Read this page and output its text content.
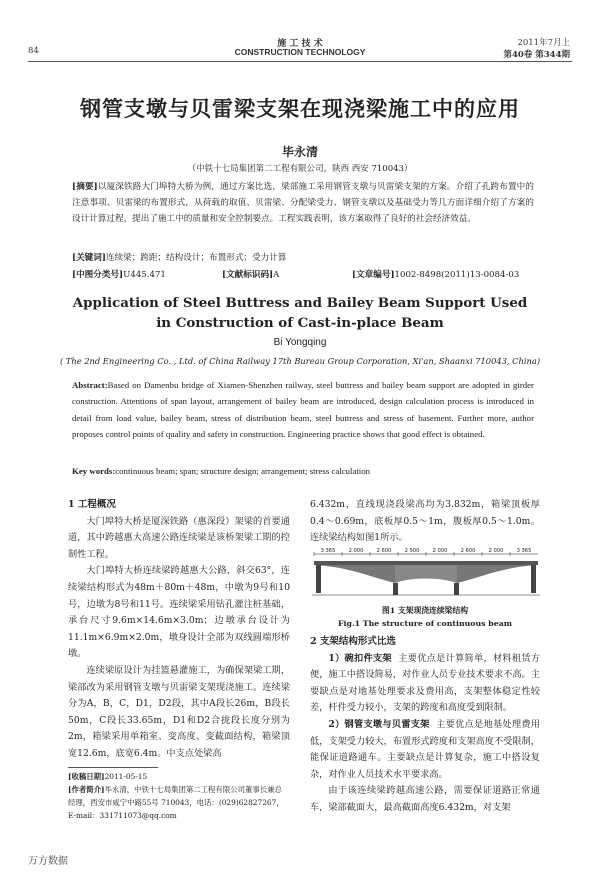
84
施 工 技 术
CONSTRUCTION TECHNOLOGY
2011年7月上
第40卷 第344期
钢管支墩与贝雷梁支架在现浇梁施工中的应用
毕永清
（中铁十七局集团第二工程有限公司，陕西 西安 710043）
[摘要]以厦深铁路大门埠特大桥为例，通过方案比选，梁部施工采用钢管支墩与贝雷梁支架的方案。介绍了孔跨布置中的注意事项、贝雷梁的布置形式，从荷载的取值、贝雷梁、分配梁受力、钢管支墩以及基础受力等几方面详细介绍了方案的设计计算过程，提出了施工中的质量和安全控制要点。工程实践表明，该方案取得了良好的社会经济效益。
[关键词]连续梁；跨距；结构设计；布置形式；受力计算
[中图分类号]U445.471	[文献标识码]A	[文章编号]1002-8498(2011)13-0084-03
Application of Steel Buttress and Bailey Beam Support Used
in Construction of Cast-in-place Beam
Bi Yongqing
( The 2nd Engineering Co. , Ltd. of China Railway 17th Bureau Group Corporation, Xi'an, Shaanxi 710043, China)
Abstract:Based on Damenbu bridge of Xiamen-Shenzhen railway, steel buttress and bailey beam support are adopted in girder construction. Attentions of span layout, arrangement of bailey beam are introduced, design calculation process is introduced in detail from load value, bailey beam, stress of distribution beam, steel buttress and stress of basement. Further more, author proposes control points of quality and safety in construction. Engineering practice shows that good effect is obtained.
Key words:continuous beam; span; structure design; arrangement; stress calculation
1 工程概况

大门埠特大桥是厦深铁路（惠深段）架梁的首要通道，其中跨越惠大高速公路连续梁是该桥架梁工期的控制性工程。

大门埠特大桥连续梁跨越惠大公路，斜交63°，连续梁结构形式为48m＋80m＋48m，中墩为9号和10号，边墩为8号和11号。连续梁采用钻孔灌注桩基础，承台尺寸9.6m×14.6m×3.0m；边墩承台设计为11.1m×6.9m×2.0m，墩身设计全部为双线圆端形桥墩。

连续梁原设计为挂篮悬灌施工，为确保架梁工期，梁部改为采用钢管支墩与贝雷梁支架现浇施工。连续梁分为A，B，C，D1，D2段，其中A段长26m，B段长50m，C段长33.65m，D1和D2合拢段长度分别为2m，箱梁采用单箱室、变高度、变截面结构，箱梁顶宽12.6m，底宽6.4m。中支点处梁高

[收稿日期]2011-05-15
[作者简介]毕永清，中铁十七局集团第二工程有限公司董事长兼总经理，西安市咸宁中路55号 710043，电话：(029)62827267，E-mail：331711073@qq.com

6.432m，直线现浇段梁高均为3.832m，箱梁顶板厚0.4～0.69m，底板厚0.5～1m，腹板厚0.5～1.0m。连续梁结构如图1所示。

3 365	2 000	2 600	2 500	2 000	2 600	2 000	3 365
图1 支架现浇连续梁结构
Fig.1 The structure of continuous beam
2 支架结构形式比选

1）碗扣件支架 主要优点是计算简单，材料租赁方便，施工中搭设简易，对作业人员专业技术要求不高。主要缺点是对地基处理要求及费用高，支架整体稳定性较差，杆件受力较小，支架的跨度和高度受到限制。

2）钢管支墩与贝雷支架 主要优点是地基处理费用低，支架受力较大，布置形式跨度和支架高度不受限制，能保证道路通车。主要缺点是计算复杂，施工中搭设复杂，对作业人员技术水平要求高。

由于该连续梁跨越高速公路，需要保证道路正常通车，梁部截面大，最高截面高度6.432m，对支架

万方数据
